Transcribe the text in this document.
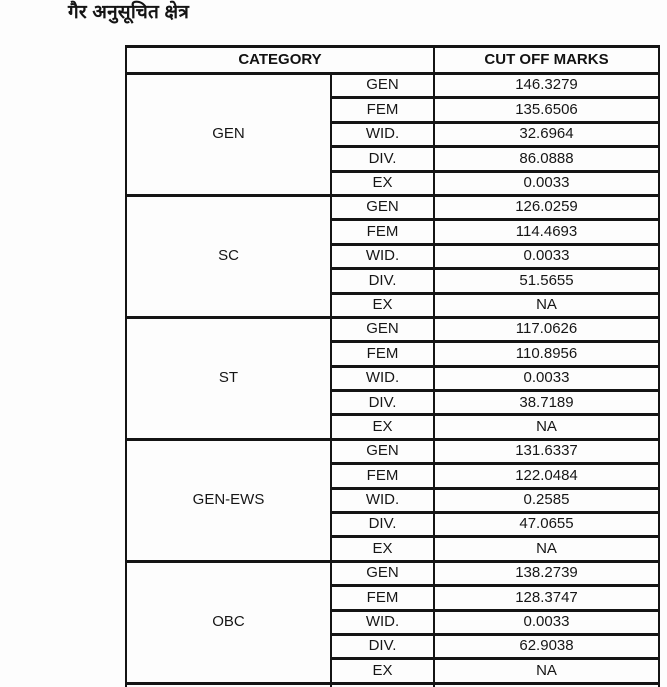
गैर अनुसूचित क्षेत्र
CATEGORY		CUT OFF MARKS
GEN	GEN	146.3279
	FEM	135.6506
	WID.	32.6964
	DIV.	86.0888
	EX	0.0033
SC	GEN	126.0259
	FEM	114.4693
	WID.	0.0033
	DIV.	51.5655
	EX	NA
ST	GEN	117.0626
	FEM	110.8956
	WID.	0.0033
	DIV.	38.7189
	EX	NA
GEN-EWS	GEN	131.6337
	FEM	122.0484
	WID.	0.2585
	DIV.	47.0655
	EX	NA
OBC	GEN	138.2739
	FEM	128.3747
	WID.	0.0033
	DIV.	62.9038
	EX	NA
